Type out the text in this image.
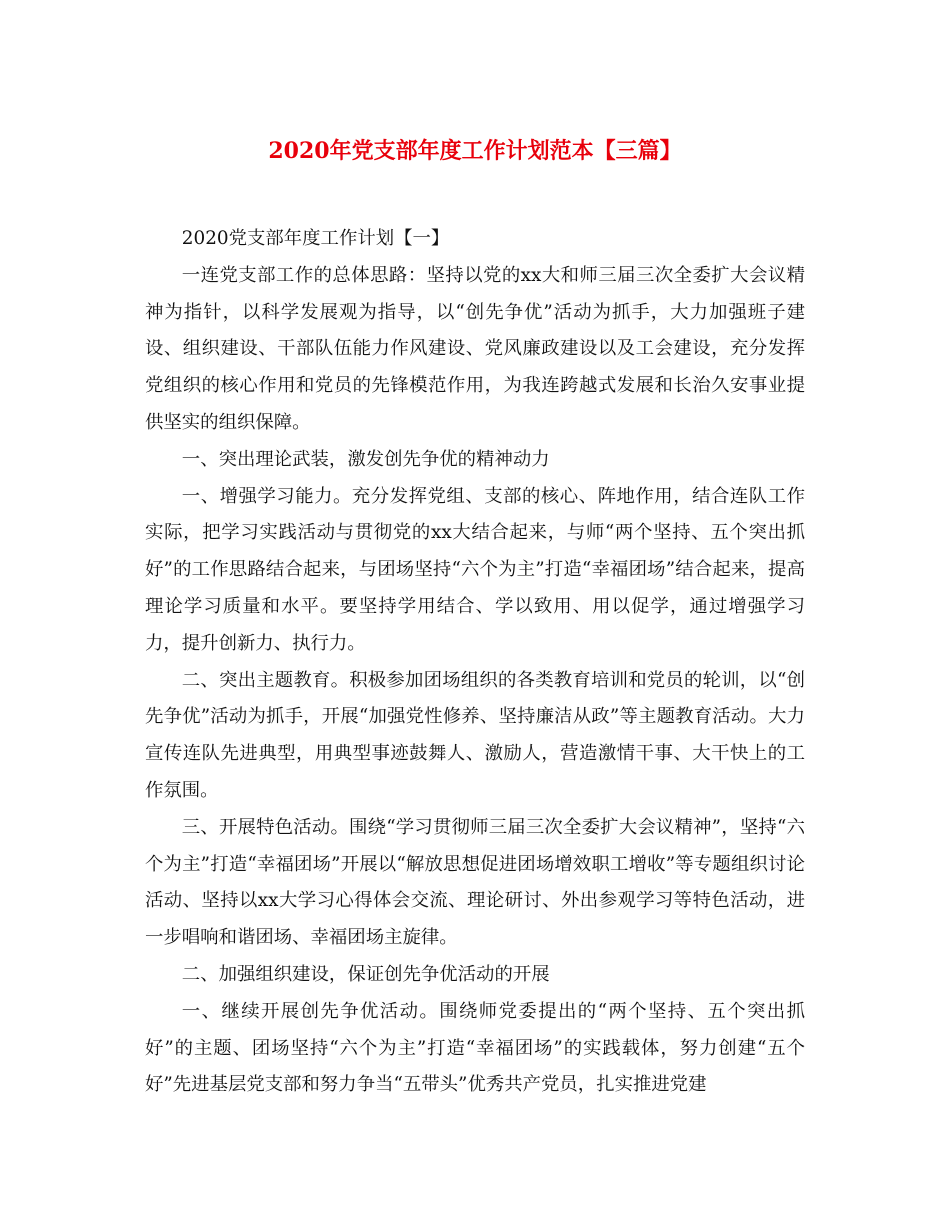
2020年党支部年度工作计划范本【三篇】

2020党支部年度工作计划【一】

一连党支部工作的总体思路：坚持以党的xx大和师三届三次全委扩大会议精神为指针，以科学发展观为指导，以“创先争优”活动为抓手，大力加强班子建设、组织建设、干部队伍能力作风建设、党风廉政建设以及工会建设，充分发挥党组织的核心作用和党员的先锋模范作用，为我连跨越式发展和长治久安事业提供坚实的组织保障。

一、突出理论武装，激发创先争优的精神动力

一、增强学习能力。充分发挥党组、支部的核心、阵地作用，结合连队工作实际，把学习实践活动与贯彻党的xx大结合起来，与师“两个坚持、五个突出抓好”的工作思路结合起来，与团场坚持“六个为主”打造“幸福团场”结合起来，提高理论学习质量和水平。要坚持学用结合、学以致用、用以促学，通过增强学习力，提升创新力、执行力。

二、突出主题教育。积极参加团场组织的各类教育培训和党员的轮训，以“创先争优”活动为抓手，开展“加强党性修养、坚持廉洁从政”等主题教育活动。大力宣传连队先进典型，用典型事迹鼓舞人、激励人，营造激情干事、大干快上的工作氛围。

三、开展特色活动。围绕“学习贯彻师三届三次全委扩大会议精神”，坚持“六个为主”打造“幸福团场”开展以“解放思想促进团场增效职工增收”等专题组织讨论活动、坚持以xx大学习心得体会交流、理论研讨、外出参观学习等特色活动，进一步唱响和谐团场、幸福团场主旋律。

二、加强组织建设，保证创先争优活动的开展

一、继续开展创先争优活动。围绕师党委提出的“两个坚持、五个突出抓好”的主题、团场坚持“六个为主”打造“幸福团场”的实践载体，努力创建“五个好”先进基层党支部和努力争当“五带头”优秀共产党员，扎实推进党建
